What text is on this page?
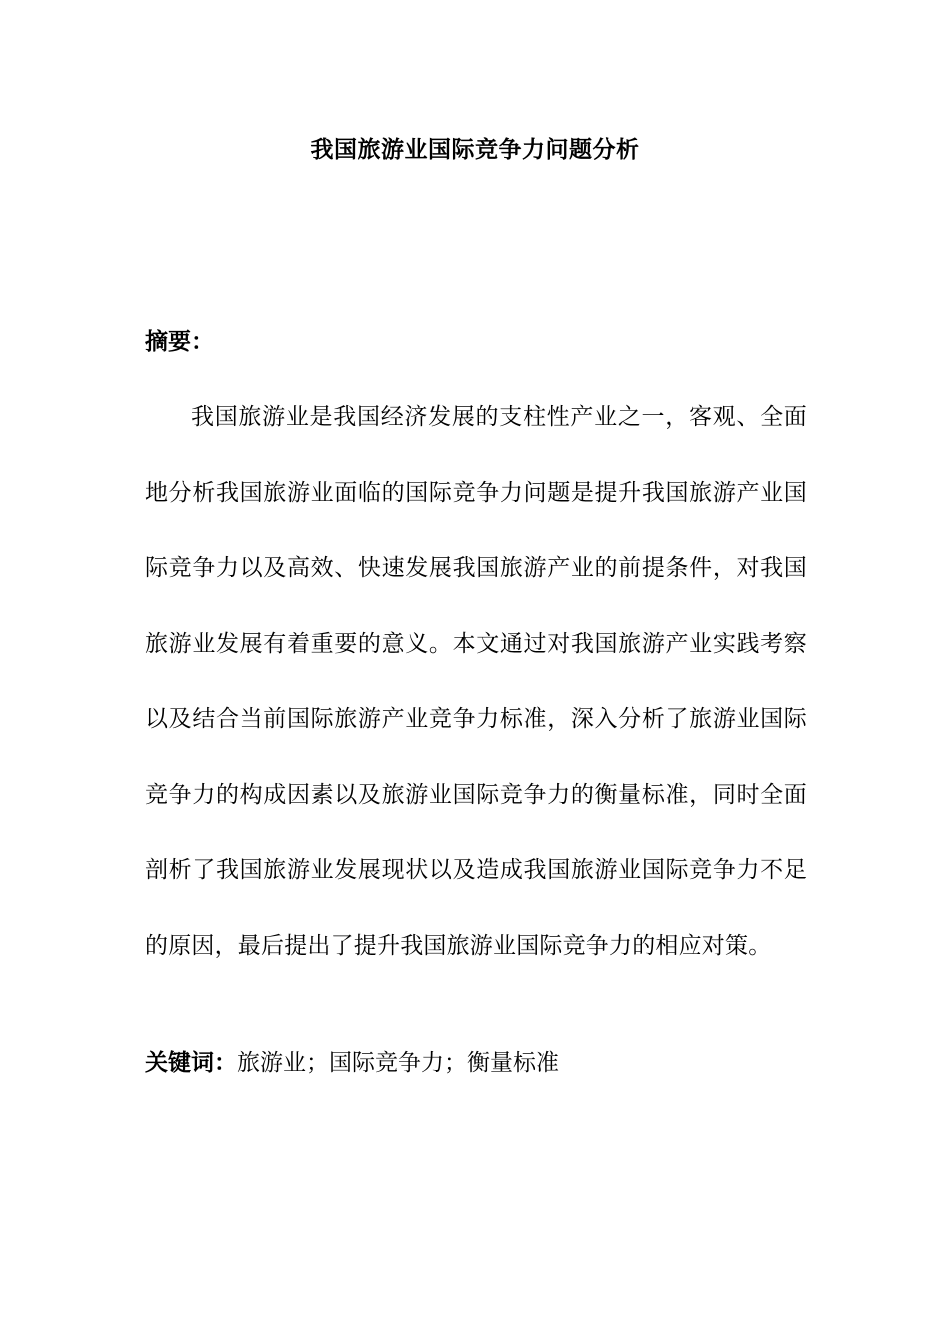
我国旅游业国际竞争力问题分析

摘要：

我国旅游业是我国经济发展的支柱性产业之一，客观、全面地分析我国旅游业面临的国际竞争力问题是提升我国旅游产业国际竞争力以及高效、快速发展我国旅游产业的前提条件，对我国旅游业发展有着重要的意义。本文通过对我国旅游产业实践考察以及结合当前国际旅游产业竞争力标准，深入分析了旅游业国际竞争力的构成因素以及旅游业国际竞争力的衡量标准，同时全面剖析了我国旅游业发展现状以及造成我国旅游业国际竞争力不足的原因，最后提出了提升我国旅游业国际竞争力的相应对策。

关键词：旅游业；国际竞争力；衡量标准
